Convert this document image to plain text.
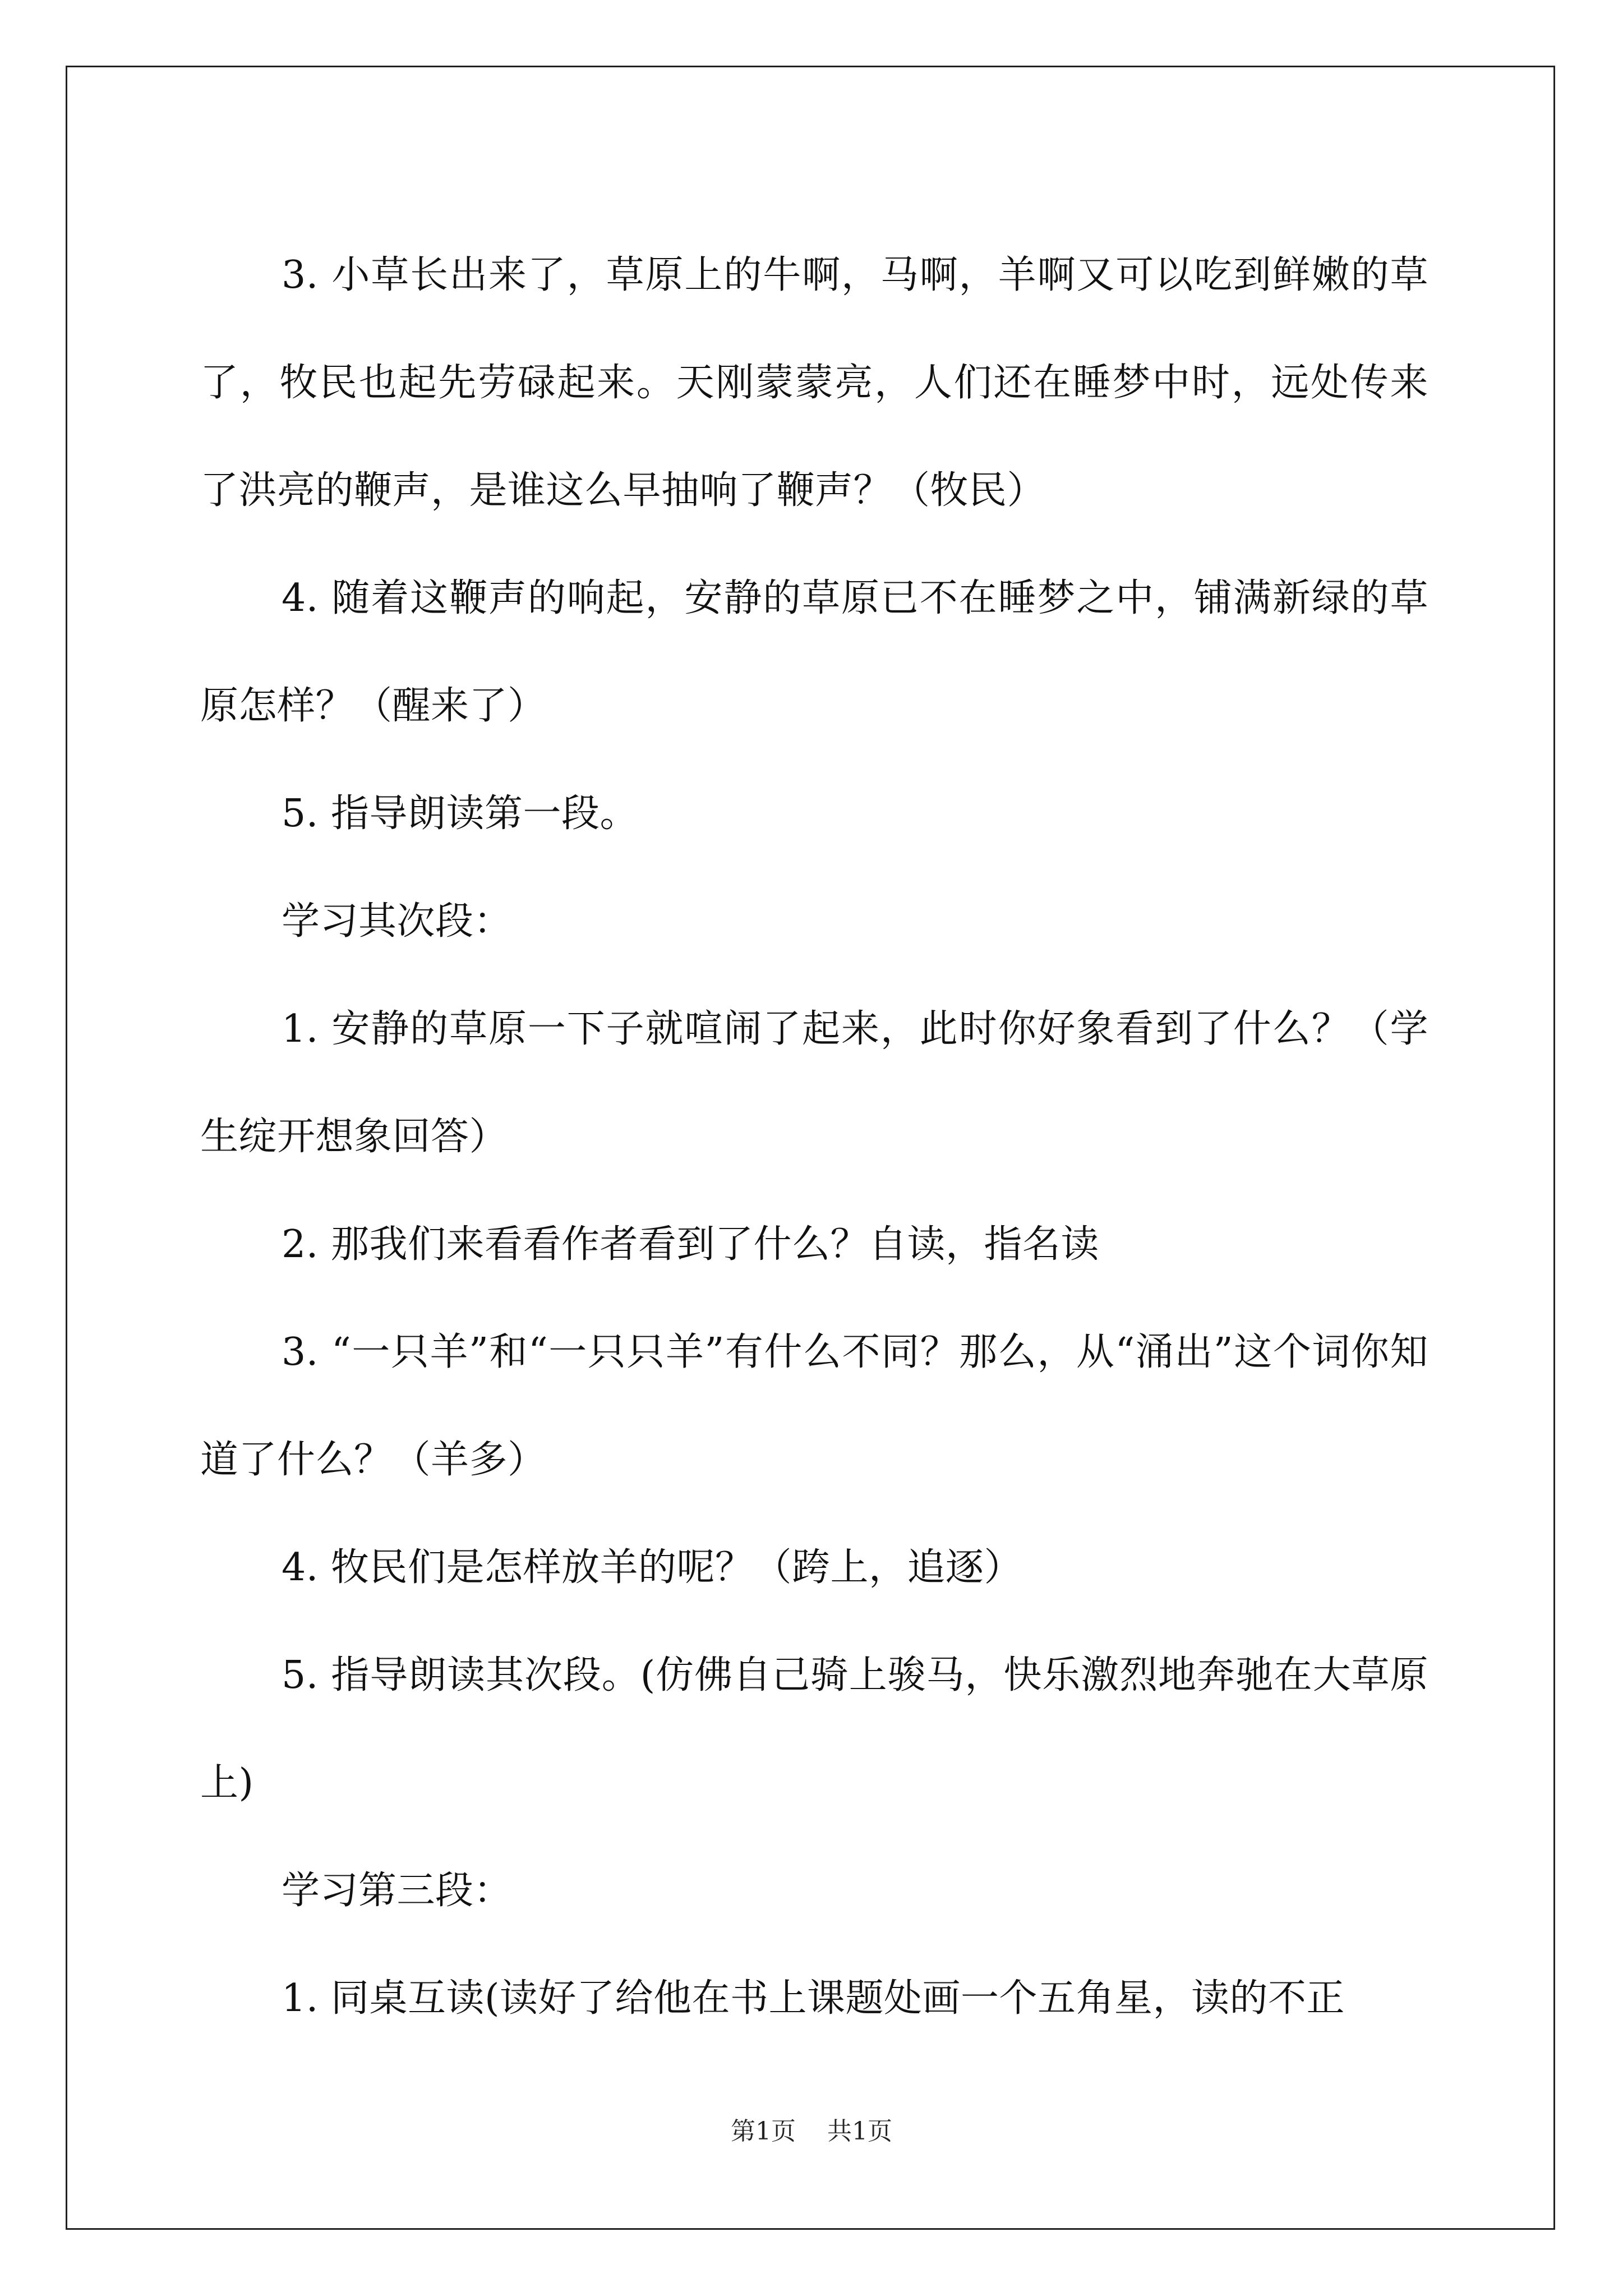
3. 小草长出来了，草原上的牛啊，马啊，羊啊又可以吃到鲜嫩的草了，牧民也起先劳碌起来。天刚蒙蒙亮，人们还在睡梦中时，远处传来了洪亮的鞭声，是谁这么早抽响了鞭声？（牧民）

4. 随着这鞭声的响起，安静的草原已不在睡梦之中，铺满新绿的草原怎样？（醒来了）

5. 指导朗读第一段。

学习其次段：

1. 安静的草原一下子就喧闹了起来，此时你好象看到了什么？（学生绽开想象回答）

2. 那我们来看看作者看到了什么？自读，指名读

3. “一只羊”和“一只只羊”有什么不同？那么，从“涌出”这个词你知道了什么？（羊多）

4. 牧民们是怎样放羊的呢？（跨上，追逐）

5. 指导朗读其次段。(仿佛自己骑上骏马，快乐激烈地奔驰在大草原上)

学习第三段：

1. 同桌互读(读好了给他在书上课题处画一个五角星，读的不正

第1页 共1页
